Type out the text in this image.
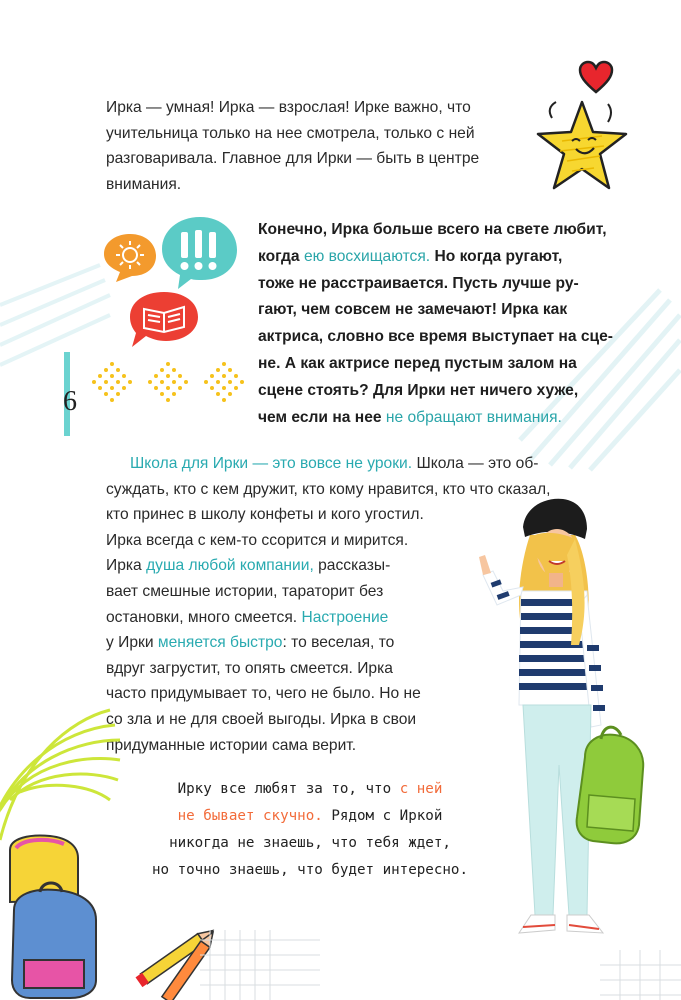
Ирка — умная! Ирка — взрослая! Ирке важно, что
учительница только на нее смотрела, только с ней
разговаривала. Главное для Ирки — быть в центре
внимания.
Конечно, Ирка больше всего на свете любит,
когда ею восхищаются. Но когда ругают,
тоже не расстраивается. Пусть лучше ру-
гают, чем совсем не замечают! Ирка как
актриса, словно все время выступает на сце-
не. А как актрисе перед пустым залом на
сцене стоять? Для Ирки нет ничего хуже,
чем если на нее не обращают внимания.
6
Школа для Ирки — это вовсе не уроки. Школа — это об-
суждать, кто с кем дружит, кто кому нравится, кто что сказал,
кто принес в школу конфеты и кого угостил.
Ирка всегда с кем-то ссорится и мирится.
Ирка душа любой компании, рассказы-
вает смешные истории, тараторит без
остановки, много смеется. Настроение
у Ирки меняется быстро: то веселая, то
вдруг загрустит, то опять смеется. Ирка
часто придумывает то, чего не было. Но не
со зла и не для своей выгоды. Ирка в свои
придуманные истории сама верит.
Ирку все любят за то, что с ней
не бывает скучно. Рядом с Иркой
никогда не знаешь, что тебя ждет,
но точно знаешь, что будет интересно.
